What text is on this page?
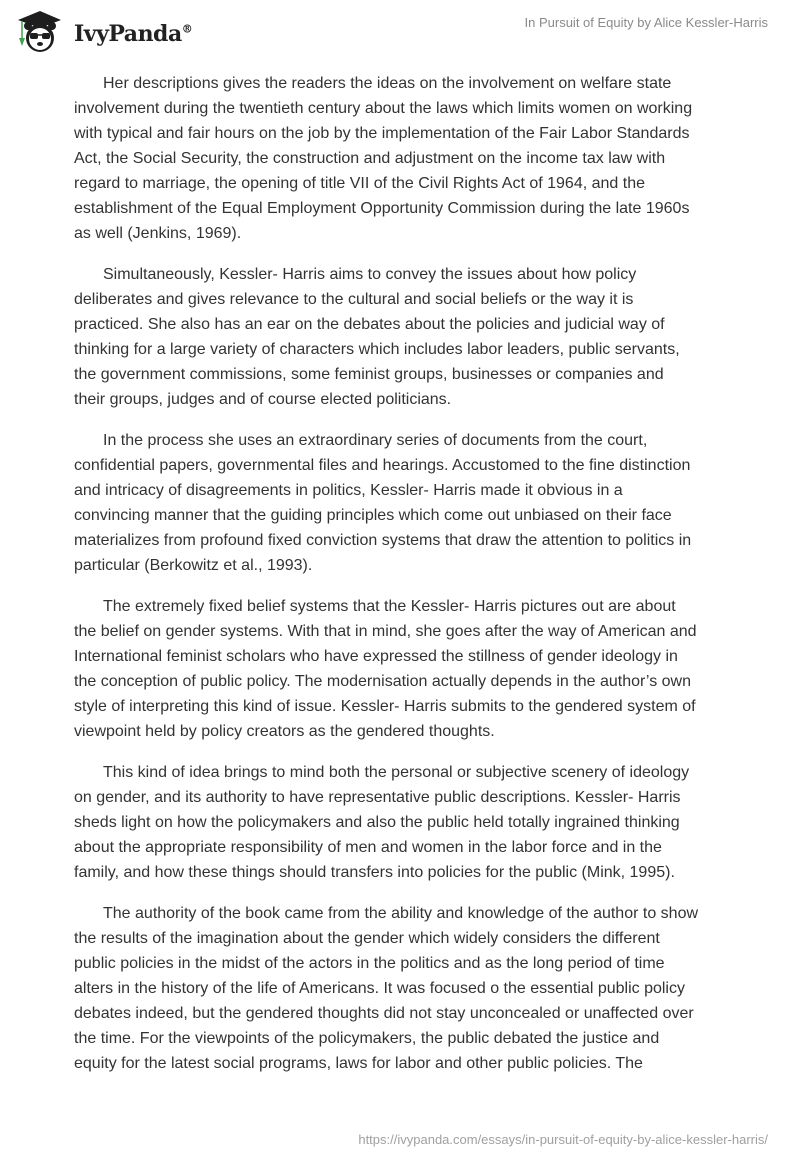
IvyPanda®	In Pursuit of Equity by Alice Kessler-Harris

Her descriptions gives the readers the ideas on the involvement on welfare state
involvement during the twentieth century about the laws which limits women on working
with typical and fair hours on the job by the implementation of the Fair Labor Standards
Act, the Social Security, the construction and adjustment on the income tax law with
regard to marriage, the opening of title VII of the Civil Rights Act of 1964, and the
establishment of the Equal Employment Opportunity Commission during the late 1960s
as well (Jenkins, 1969).

Simultaneously, Kessler- Harris aims to convey the issues about how policy
deliberates and gives relevance to the cultural and social beliefs or the way it is
practiced. She also has an ear on the debates about the policies and judicial way of
thinking for a large variety of characters which includes labor leaders, public servants,
the government commissions, some feminist groups, businesses or companies and
their groups, judges and of course elected politicians.

In the process she uses an extraordinary series of documents from the court,
confidential papers, governmental files and hearings. Accustomed to the fine distinction
and intricacy of disagreements in politics, Kessler- Harris made it obvious in a
convincing manner that the guiding principles which come out unbiased on their face
materializes from profound fixed conviction systems that draw the attention to politics in
particular (Berkowitz et al., 1993).

The extremely fixed belief systems that the Kessler- Harris pictures out are about
the belief on gender systems. With that in mind, she goes after the way of American and
International feminist scholars who have expressed the stillness of gender ideology in
the conception of public policy. The modernisation actually depends in the author’s own
style of interpreting this kind of issue. Kessler- Harris submits to the gendered system of
viewpoint held by policy creators as the gendered thoughts.

This kind of idea brings to mind both the personal or subjective scenery of ideology
on gender, and its authority to have representative public descriptions. Kessler- Harris
sheds light on how the policymakers and also the public held totally ingrained thinking
about the appropriate responsibility of men and women in the labor force and in the
family, and how these things should transfers into policies for the public (Mink, 1995).

The authority of the book came from the ability and knowledge of the author to show
the results of the imagination about the gender which widely considers the different
public policies in the midst of the actors in the politics and as the long period of time
alters in the history of the life of Americans. It was focused o the essential public policy
debates indeed, but the gendered thoughts did not stay unconcealed or unaffected over
the time. For the viewpoints of the policymakers, the public debated the justice and
equity for the latest social programs, laws for labor and other public policies. The

https://ivypanda.com/essays/in-pursuit-of-equity-by-alice-kessler-harris/
